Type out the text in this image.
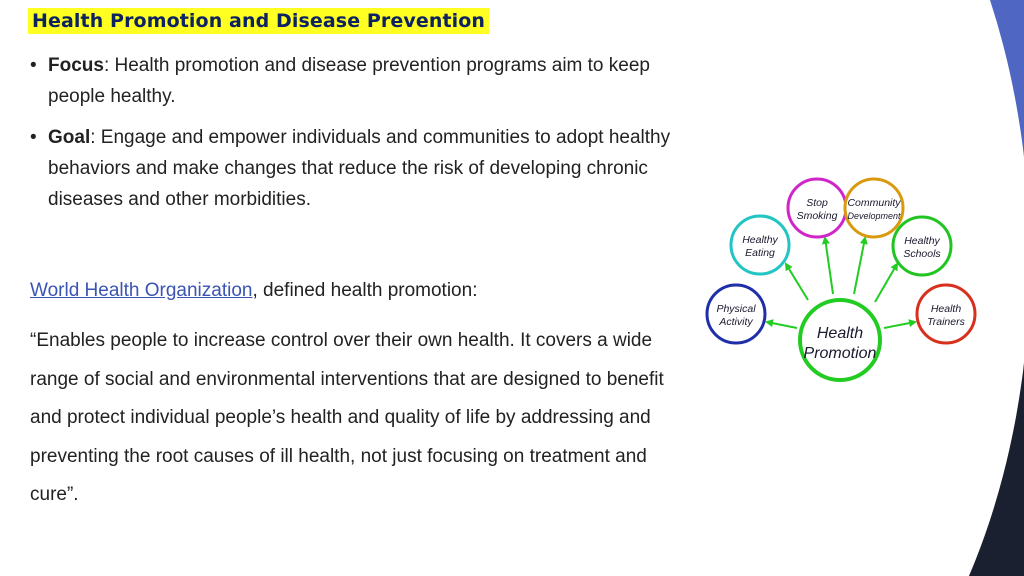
Health Promotion and Disease Prevention
• Focus: Health promotion and disease prevention programs aim to keep people healthy.
• Goal: Engage and empower individuals and communities to adopt healthy behaviors and make changes that reduce the risk of developing chronic diseases and other morbidities.
World Health Organization, defined health promotion:
“Enables people to increase control over their own health. It covers a wide range of social and environmental interventions that are designed to benefit and protect individual people’s health and quality of life by addressing and preventing the root causes of ill health, not just focusing on treatment and cure”.
Physical
Activity
Healthy
Eating
Stop
Smoking
Community
Development
Healthy
Schools
Health
Trainers
Health
Promotion
